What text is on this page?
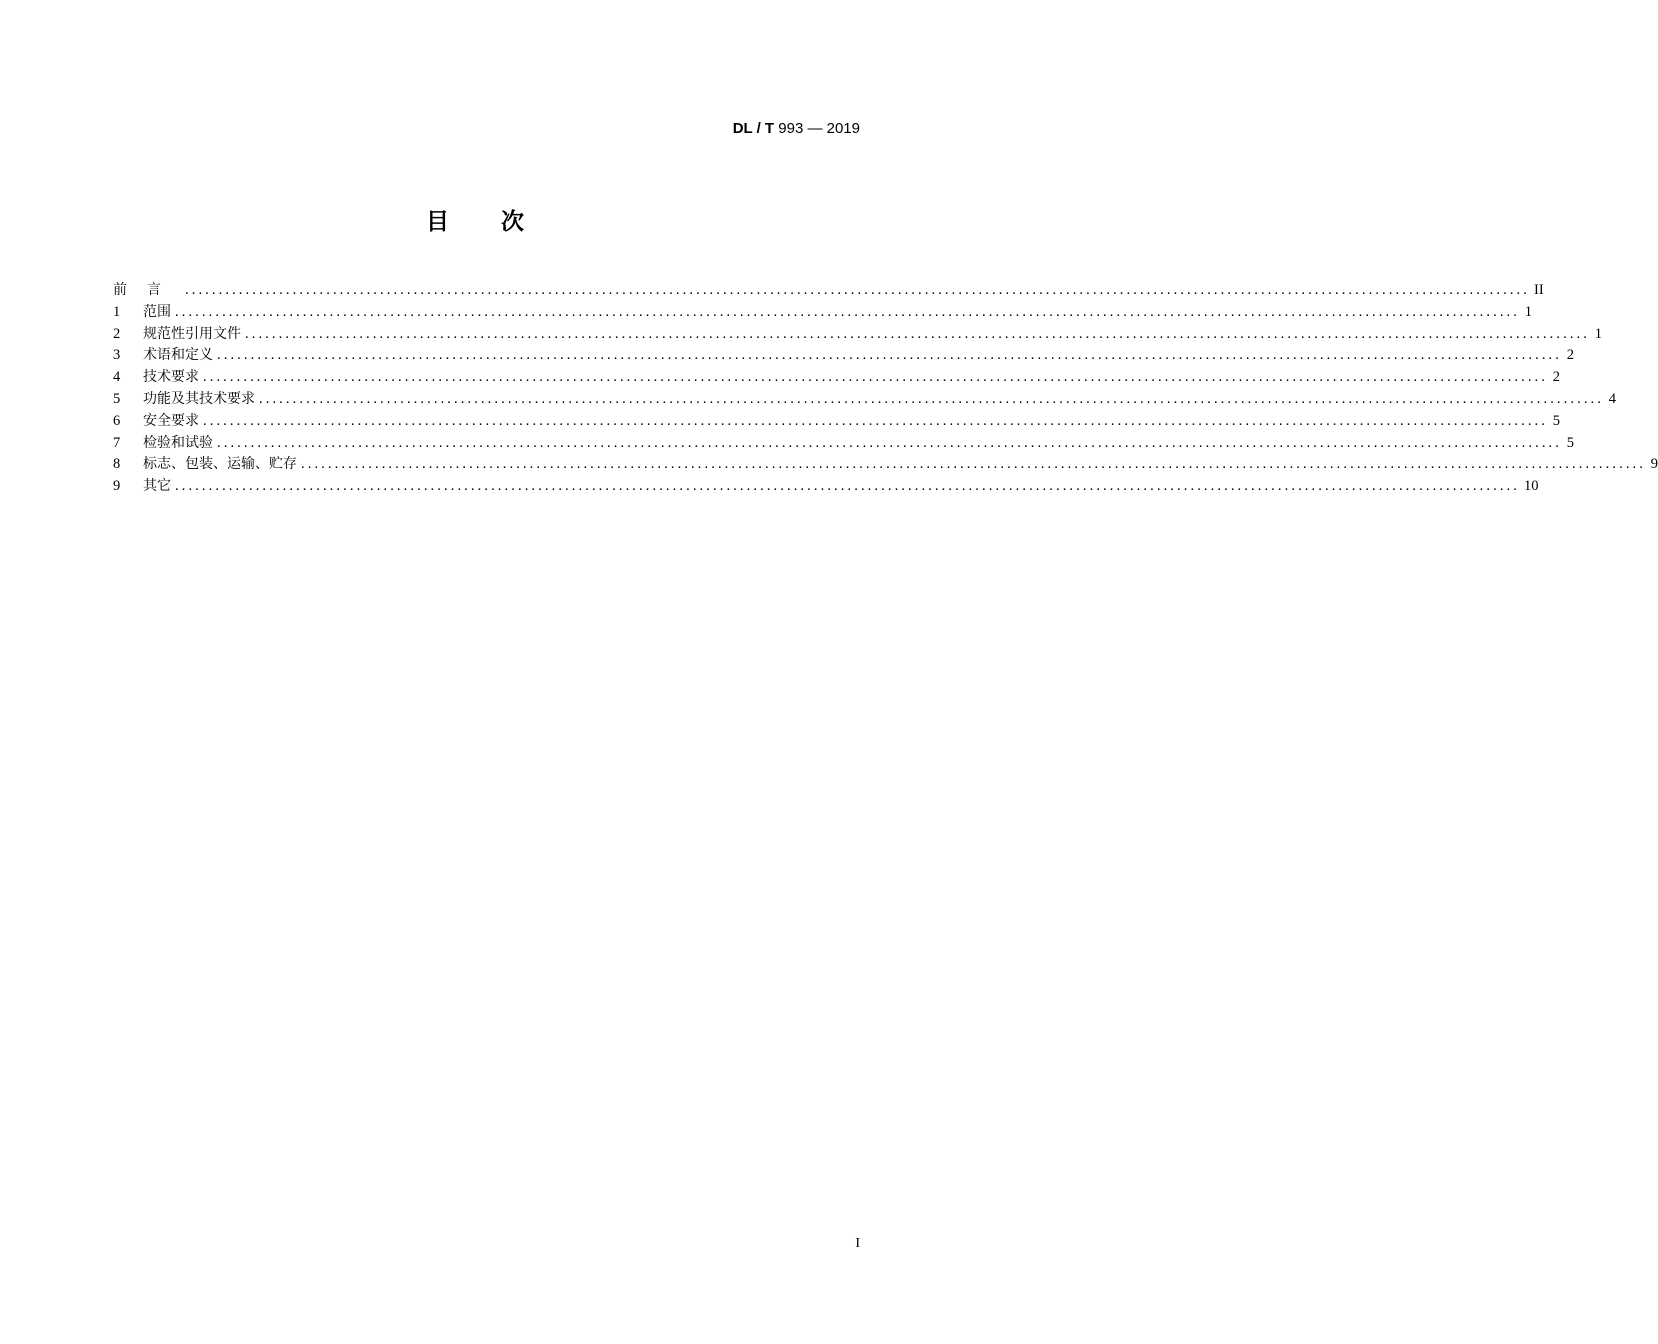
DL / T 993 — 2019
目 次
前言 ........................................................................................................................................................................................................ II
1	范围 ........................................................................................................................................................................................................ 1
2	规范性引用文件 ........................................................................................................................................................................................................ 1
3	术语和定义 ........................................................................................................................................................................................................ 2
4	技术要求 ........................................................................................................................................................................................................ 2
5	功能及其技术要求 ........................................................................................................................................................................................................ 4
6	安全要求 ........................................................................................................................................................................................................ 5
7	检验和试验 ........................................................................................................................................................................................................ 5
8	标志、包装、运输、贮存 ........................................................................................................................................................................................................ 9
9	其它 ........................................................................................................................................................................................................ 10
I
